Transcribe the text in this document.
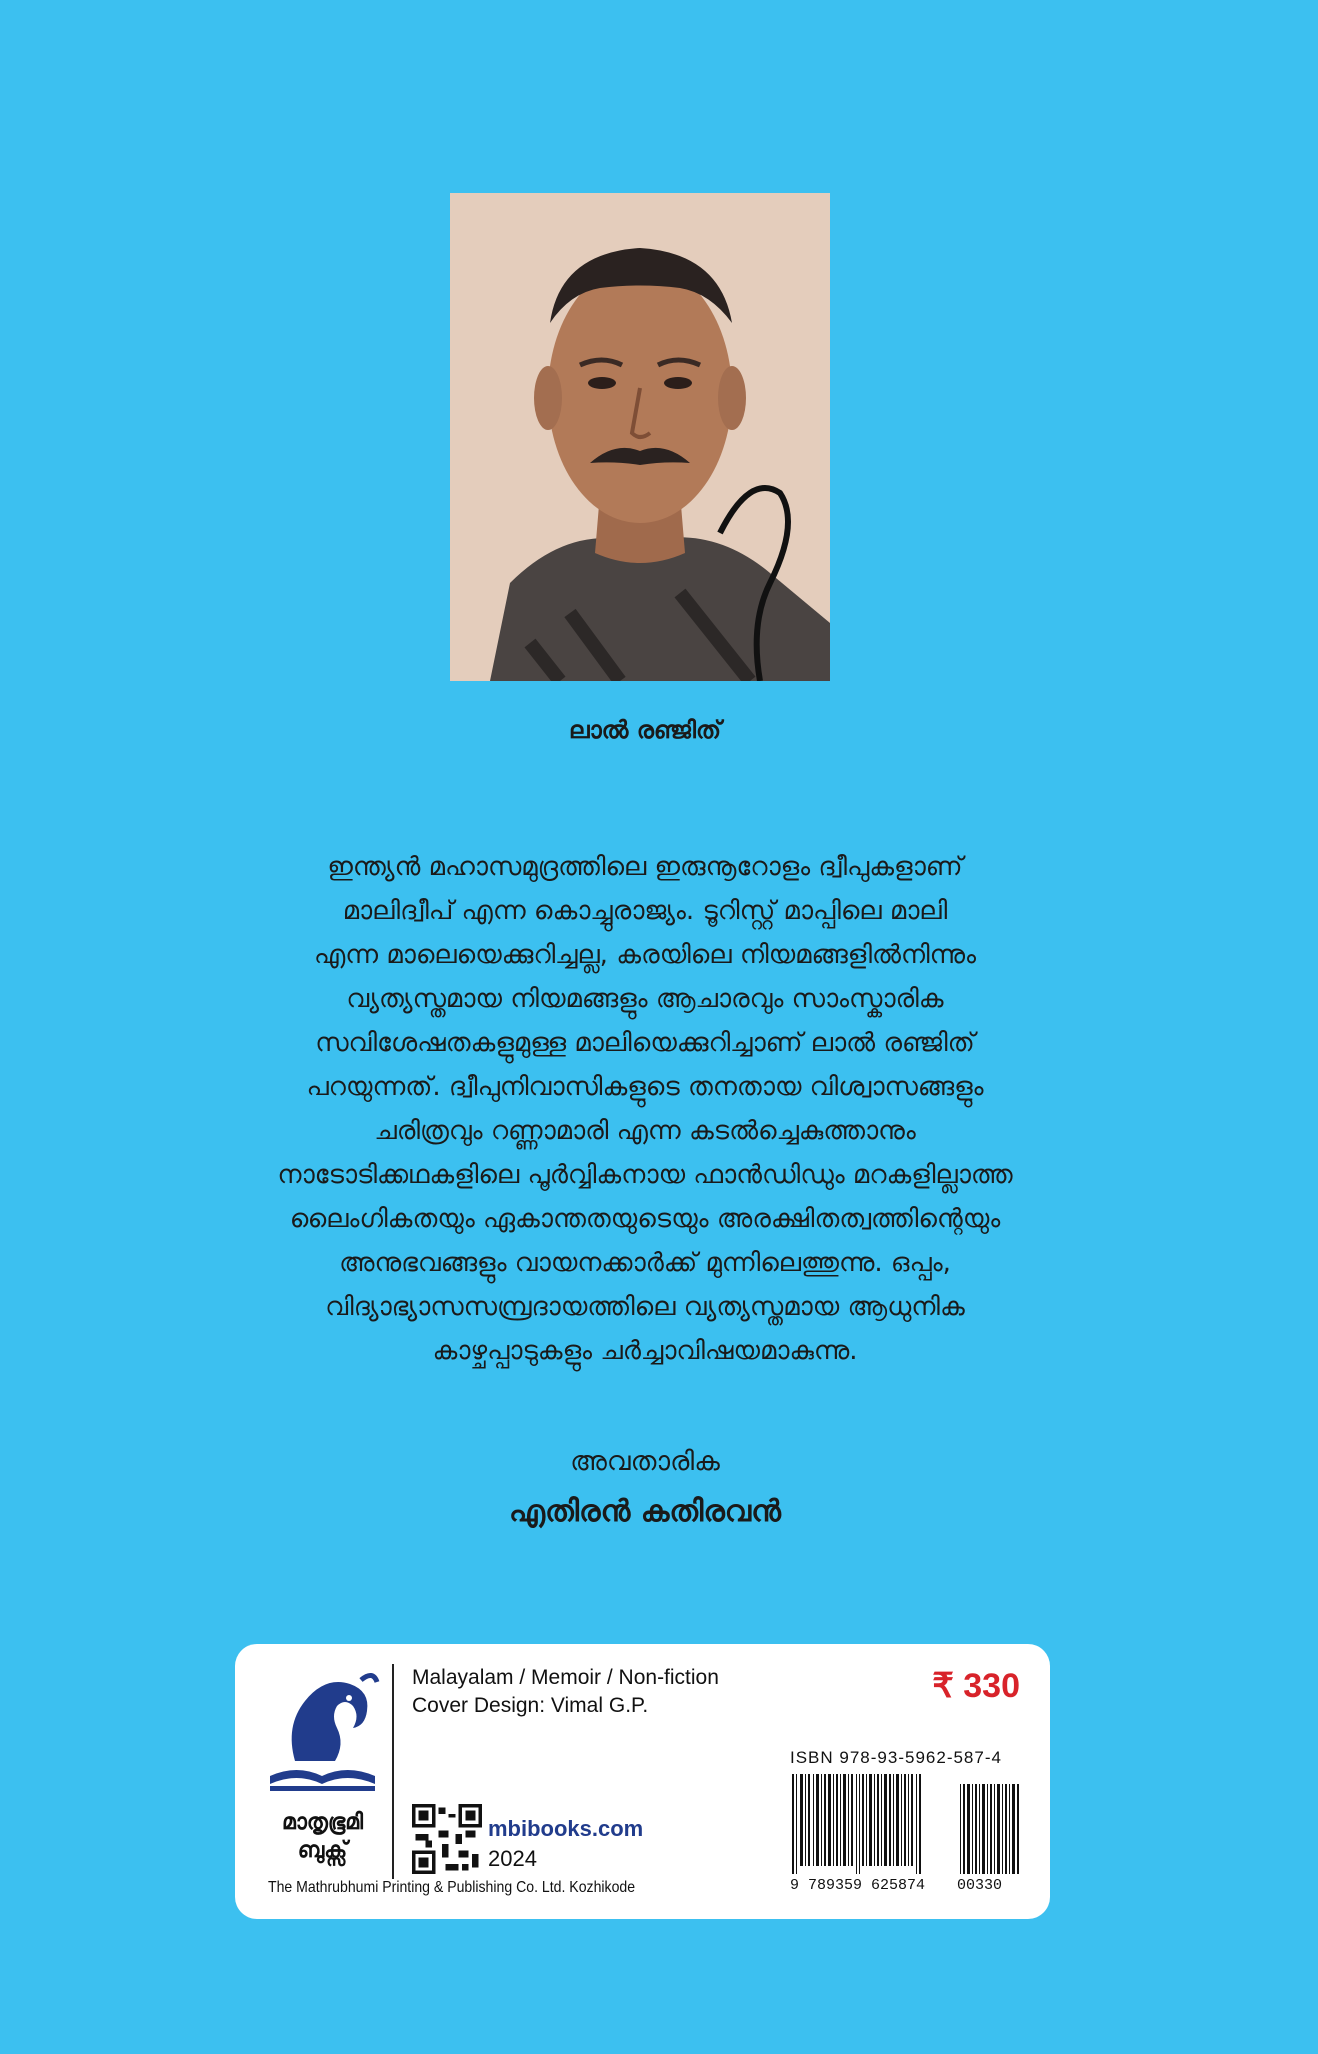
ലാൽ രഞ്ജിത്
ഇന്ത്യൻ മഹാസമുദ്രത്തിലെ ഇരുനൂറോളം ദ്വീപുകളാണ്
മാലിദ്വീപ് എന്ന കൊച്ചുരാജ്യം. ടൂറിസ്റ്റ് മാപ്പിലെ മാലി
എന്ന മാലെയെക്കുറിച്ചല്ല, കരയിലെ നിയമങ്ങളിൽനിന്നും
വ്യത്യസ്തമായ നിയമങ്ങളും ആചാരവും സാംസ്കാരിക
സവിശേഷതകളുമുള്ള മാലിയെക്കുറിച്ചാണ് ലാൽ രഞ്ജിത്
പറയുന്നത്. ദ്വീപുനിവാസികളുടെ തനതായ വിശ്വാസങ്ങളും
ചരിത്രവും റണ്ണാമാരി എന്ന കടൽച്ചെകുത്താനും
നാടോടിക്കഥകളിലെ പൂർവ്വികനായ ഫാൻഡിഡും മറകളില്ലാത്ത
ലൈംഗികതയും ഏകാന്തതയുടെയും അരക്ഷിതത്വത്തിന്റെയും
അനുഭവങ്ങളും വായനക്കാർക്ക് മുന്നിലെത്തുന്നു. ഒപ്പം,
വിദ്യാഭ്യാസസമ്പ്രദായത്തിലെ വ്യത്യസ്തമായ ആധുനിക
കാഴ്ചപ്പാടുകളും ചർച്ചാവിഷയമാകുന്നു.
അവതാരിക
എതിരൻ കതിരവൻ
മാതൃഭൂമി
ബുക്സ്
The Mathrubhumi Printing & Publishing Co. Ltd. Kozhikode
Malayalam / Memoir / Non-fiction
Cover Design: Vimal G.P.
₹ 330
mbibooks.com
2024
ISBN 978-93-5962-587-4
9 789359 625874 00330
